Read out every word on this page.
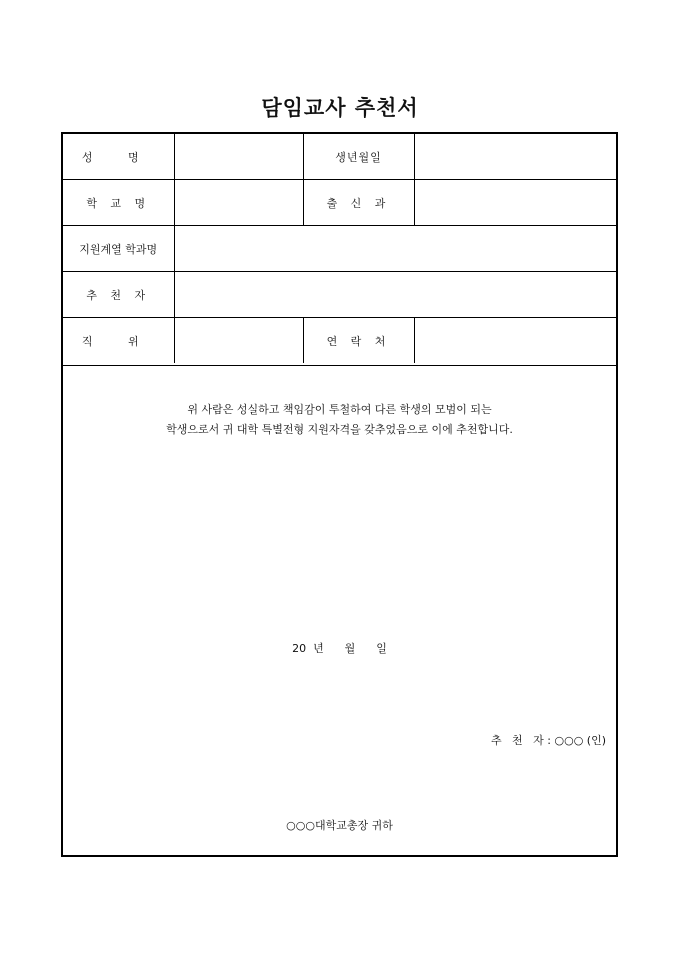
담임교사 추천서
성 명		생년월일	
학 교 명		출 신 과	
지원계열 학과명			
추 천 자			
직 위		연 락 처	
위 사람은 성실하고 책임감이 투철하여 다른 학생의 모범이 되는
학생으로서 귀 대학 특별전형 지원자격을 갖추었음으로 이에 추천합니다.
20  년      월      일
추   천   자 : ○○○ (인)
○○○대학교총장 귀하
